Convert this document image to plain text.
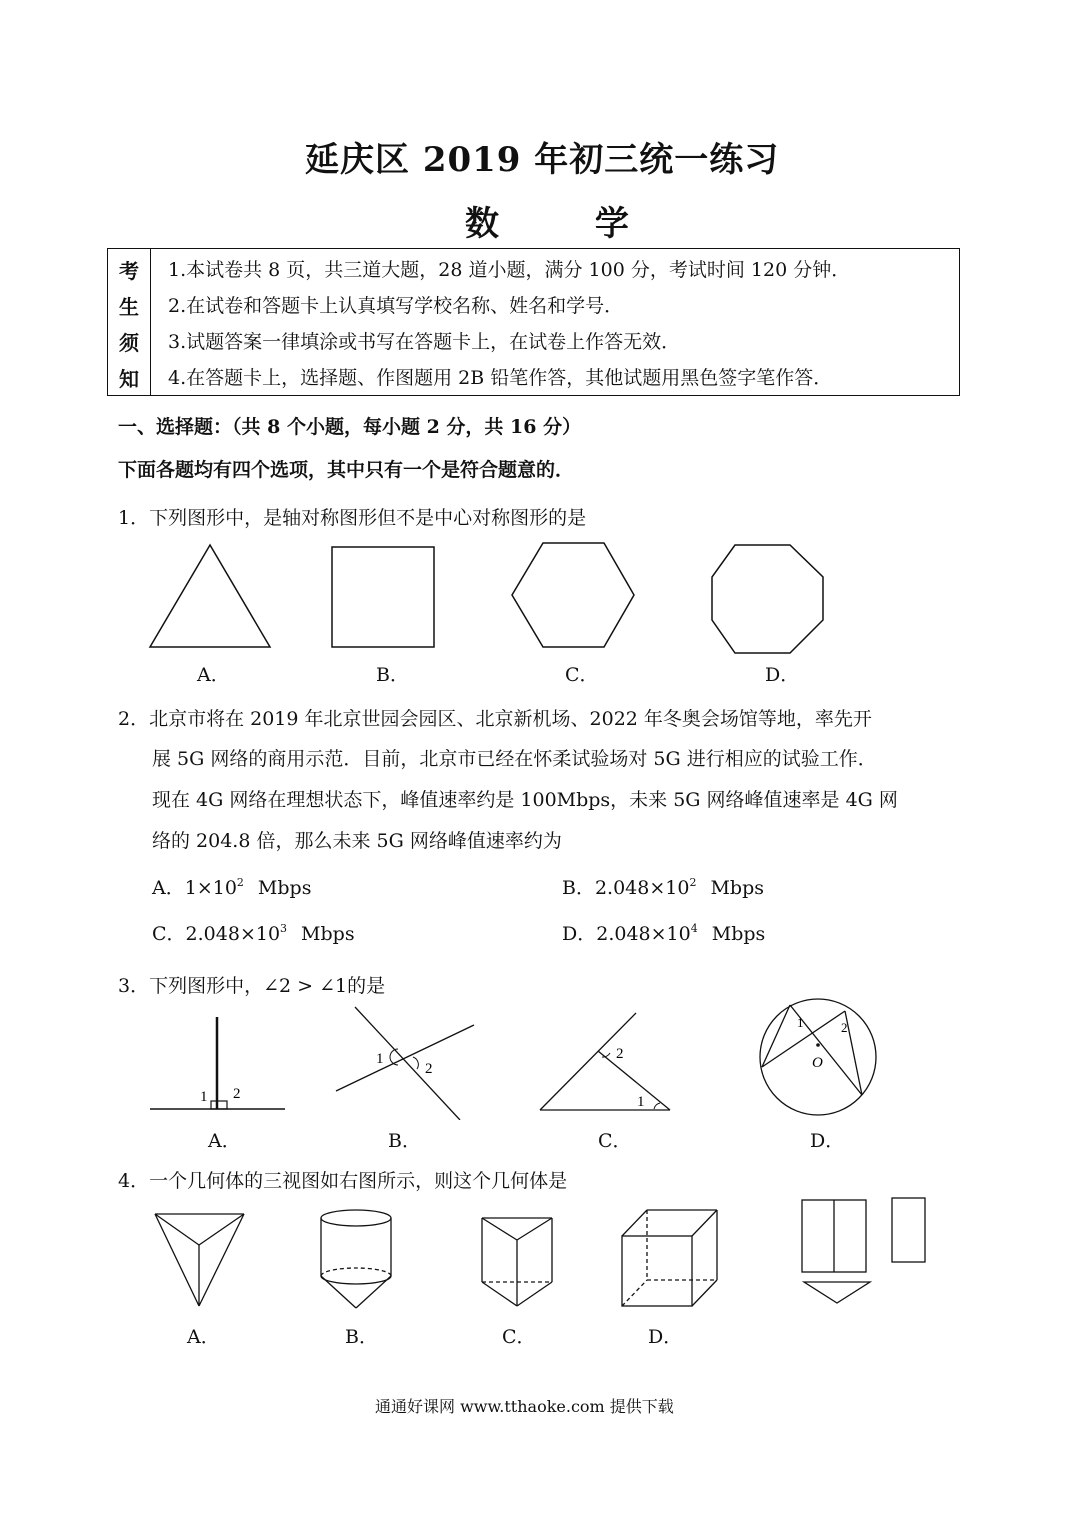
延庆区 2019 年初三统一练习
数 学
考
生
须
知
1.本试卷共 8 页，共三道大题，28 道小题，满分 100 分，考试时间 120 分钟．
2.在试卷和答题卡上认真填写学校名称、姓名和学号．
3.试题答案一律填涂或书写在答题卡上，在试卷上作答无效．
4.在答题卡上，选择题、作图题用 2B 铅笔作答，其他试题用黑色签字笔作答．
一、选择题：（共 8 个小题，每小题 2 分，共 16 分）
下面各题均有四个选项，其中只有一个是符合题意的．
1．下列图形中，是轴对称图形但不是中心对称图形的是
A．	B．	C．	D．
2．北京市将在 2019 年北京世园会园区、北京新机场、2022 年冬奥会场馆等地，率先开
展 5G 网络的商用示范．目前，北京市已经在怀柔试验场对 5G 进行相应的试验工作．
现在 4G 网络在理想状态下，峰值速率约是 100Mbps，未来 5G 网络峰值速率是 4G 网
络的 204.8 倍，那么未来 5G 网络峰值速率约为
A．$1\times 10^2$ Mbps	B．$2.048\times 10^2$ Mbps
C．$2.048\times 10^3$ Mbps	D．$2.048\times 10^4$ Mbps
3．下列图形中，∠2 > ∠1的是
1 2
1
2
2
1
1	2
O
A．	B．	C．	D．
4．一个几何体的三视图如右图所示，则这个几何体是
A．	B．	C．	D．
通通好课网 www.tthaoke.com 提供下载
